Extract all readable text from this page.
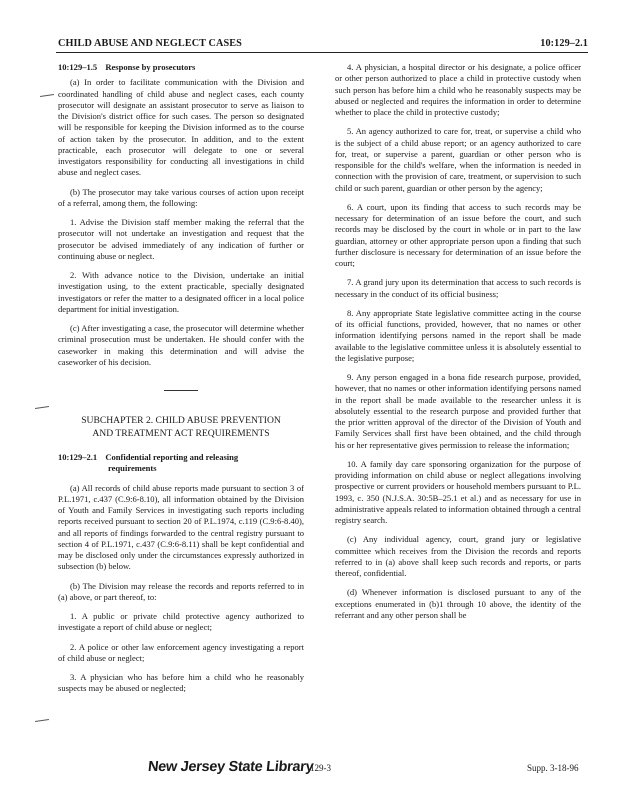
CHILD ABUSE AND NEGLECT CASES	10:129–2.1

10:129–1.5 Response by prosecutors

(a) In order to facilitate communication with the Division and coordinated handling of child abuse and neglect cases, each county prosecutor will designate an assistant prosecutor to serve as liaison to the Division's district office for such cases. The person so designated will be responsible for keeping the Division informed as to the course of action taken by the prosecutor. In addition, and to the extent practicable, each prosecutor will delegate to one or several investigators responsibility for conducting all investigations in child abuse and neglect cases.

(b) The prosecutor may take various courses of action upon receipt of a referral, among them, the following:

1. Advise the Division staff member making the referral that the prosecutor will not undertake an investigation and request that the prosecutor be advised immediately of any indication of further or continuing abuse or neglect.

2. With advance notice to the Division, undertake an initial investigation using, to the extent practicable, specially designated investigators or refer the matter to a designated officer in a local police department for initial investigation.

(c) After investigating a case, the prosecutor will determine whether criminal prosecution must be undertaken. He should confer with the caseworker in making this determination and will advise the caseworker of his decision.

SUBCHAPTER 2. CHILD ABUSE PREVENTION
AND TREATMENT ACT REQUIREMENTS

10:129–2.1 Confidential reporting and releasing
requirements

(a) All records of child abuse reports made pursuant to section 3 of P.L.1971, c.437 (C.9:6-8.10), all information obtained by the Division of Youth and Family Services in investigating such reports including reports received pursuant to section 20 of P.L.1974, c.119 (C.9:6-8.40), and all reports of findings forwarded to the central registry pursuant to section 4 of P.L.1971, c.437 (C.9:6-8.11) shall be kept confidential and may be disclosed only under the circumstances expressly authorized in subsection (b) below.

(b) The Division may release the records and reports referred to in (a) above, or part thereof, to:

1. A public or private child protective agency authorized to investigate a report of child abuse or neglect;

2. A police or other law enforcement agency investigating a report of child abuse or neglect;

3. A physician who has before him a child who he reasonably suspects may be abused or neglected;

4. A physician, a hospital director or his designate, a police officer or other person authorized to place a child in protective custody when such person has before him a child who he reasonably suspects may be abused or neglected and requires the information in order to determine whether to place the child in protective custody;

5. An agency authorized to care for, treat, or supervise a child who is the subject of a child abuse report; or an agency authorized to care for, treat, or supervise a parent, guardian or other person who is responsible for the child's welfare, when the information is needed in connection with the provision of care, treatment, or supervision to such child or such parent, guardian or other person by the agency;

6. A court, upon its finding that access to such records may be necessary for determination of an issue before the court, and such records may be disclosed by the court in whole or in part to the law guardian, attorney or other appropriate person upon a finding that such further disclosure is necessary for determination of an issue before the court;

7. A grand jury upon its determination that access to such records is necessary in the conduct of its official business;

8. Any appropriate State legislative committee acting in the course of its official functions, provided, however, that no names or other information identifying persons named in the report shall be made available to the legislative committee unless it is absolutely essential to the legislative purpose;

9. Any person engaged in a bona fide research purpose, provided, however, that no names or other information identifying persons named in the report shall be made available to the researcher unless it is absolutely essential to the research purpose and provided further that the prior written approval of the director of the Division of Youth and Family Services shall first have been obtained, and the child through his or her representative gives permission to release the information;

10. A family day care sponsoring organization for the purpose of providing information on child abuse or neglect allegations involving prospective or current providers or household members pursuant to P.L. 1993, c. 350 (N.J.S.A. 30:5B–25.1 et al.) and as necessary for use in administrative appeals related to information obtained through a central registry search.

(c) Any individual agency, court, grand jury or legislative committee which receives from the Division the records and reports referred to in (a) above shall keep such records and reports, or parts thereof, confidential.

(d) Whenever information is disclosed pursuant to any of the exceptions enumerated in (b)1 through 10 above, the identity of the referrant and any other person shall be

New Jersey State Library
129-3	Supp. 3-18-96
